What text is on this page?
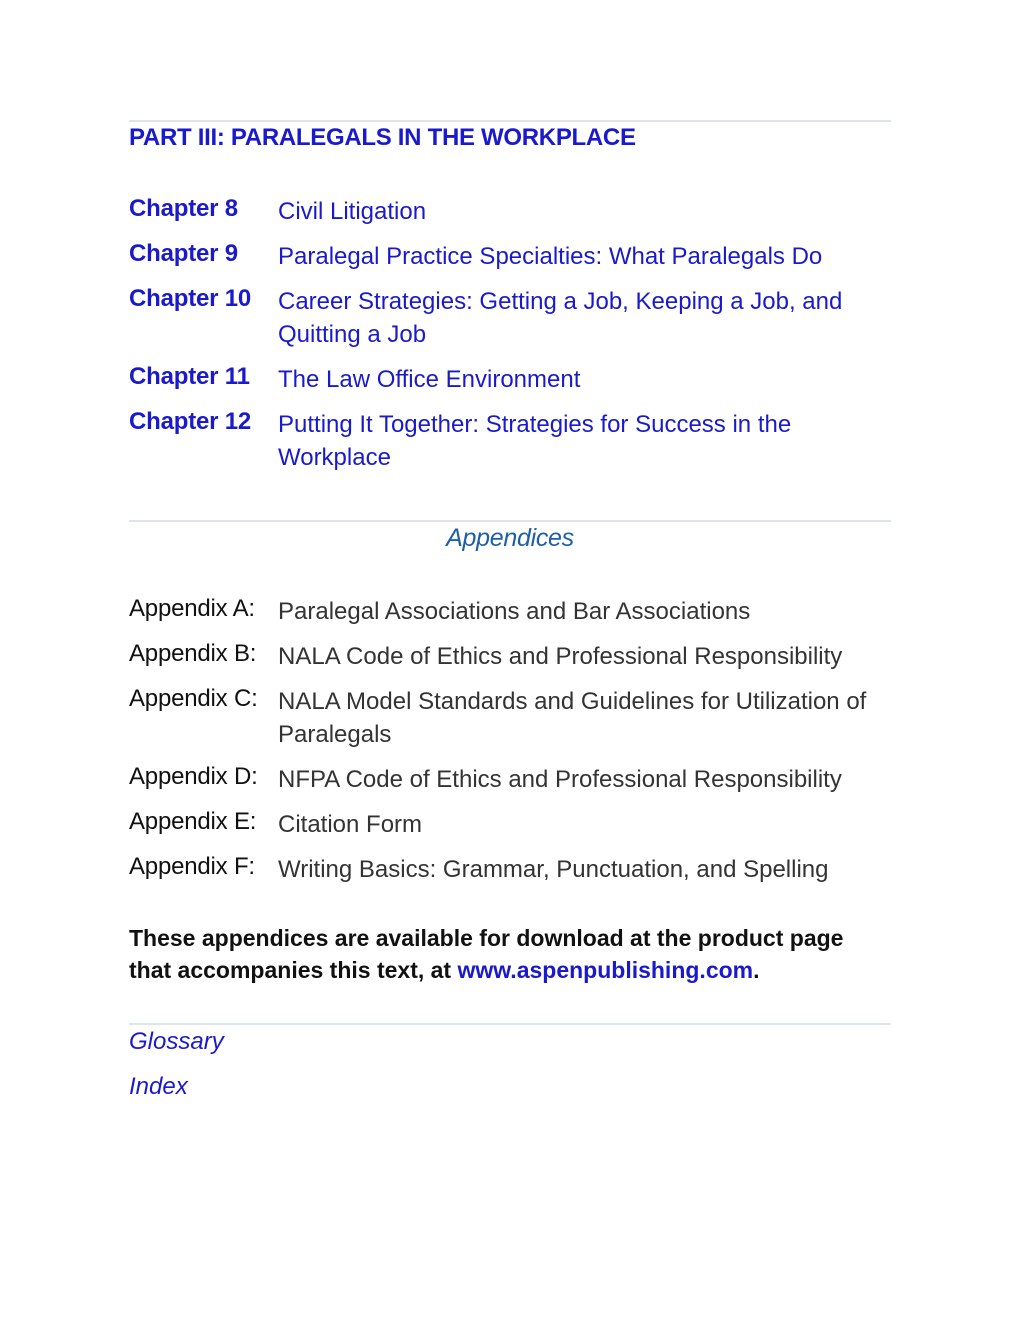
PART III: PARALEGALS IN THE WORKPLACE
Chapter 8 Civil Litigation
Chapter 9 Paralegal Practice Specialties: What Paralegals Do
Chapter 10 Career Strategies: Getting a Job, Keeping a Job, and Quitting a Job
Chapter 11 The Law Office Environment
Chapter 12 Putting It Together: Strategies for Success in the Workplace
Appendices
Appendix A: Paralegal Associations and Bar Associations
Appendix B: NALA Code of Ethics and Professional Responsibility
Appendix C: NALA Model Standards and Guidelines for Utilization of Paralegals
Appendix D: NFPA Code of Ethics and Professional Responsibility
Appendix E: Citation Form
Appendix F: Writing Basics: Grammar, Punctuation, and Spelling
These appendices are available for download at the product page that accompanies this text, at www.aspenpublishing.com.
Glossary
Index
